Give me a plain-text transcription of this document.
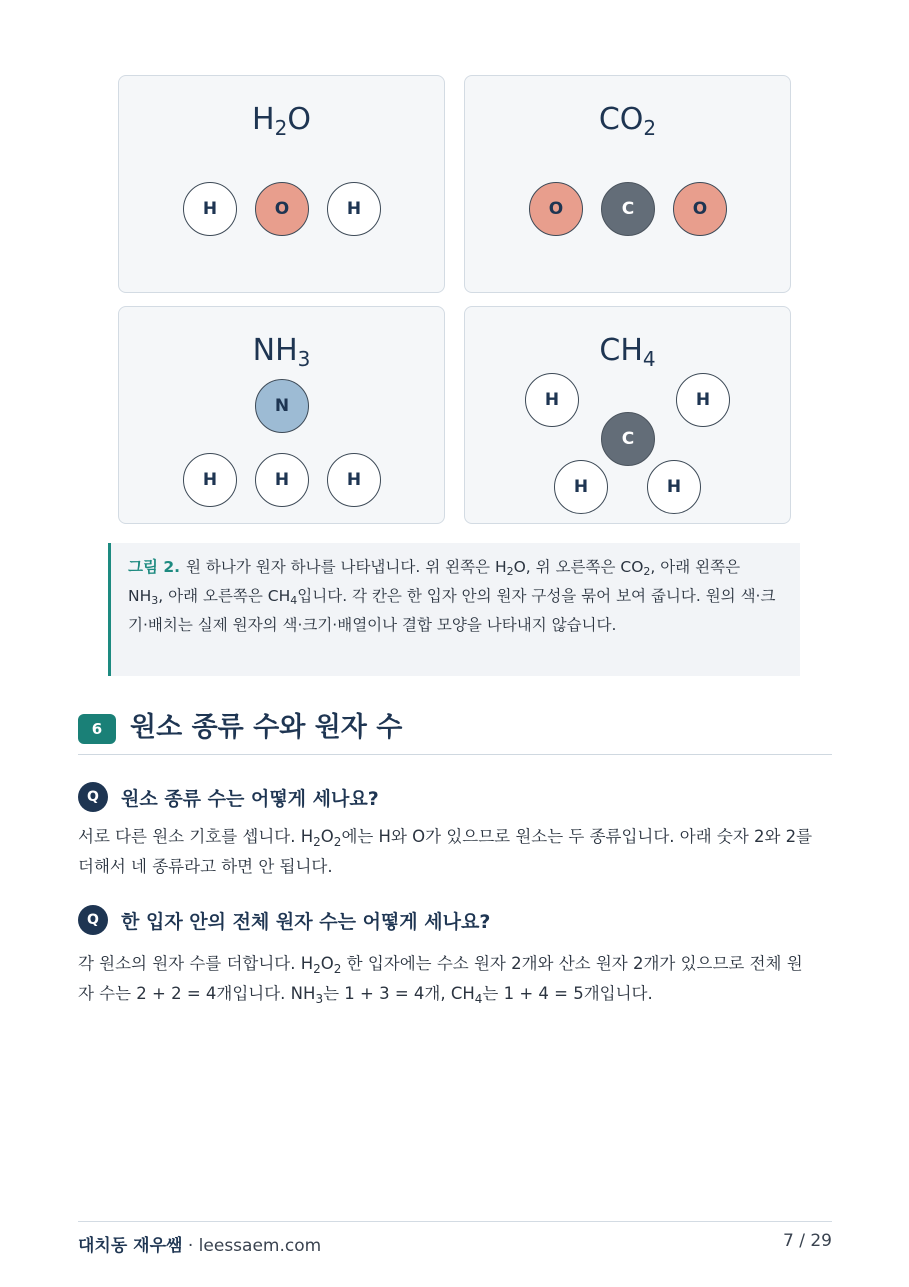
$H_2O$
H	O	H
$CO_2$
O	C	O
$NH_3$
N
H	H	H
$CH_4$
H	H
C
H	H
그림 2. 원 하나가 원자 하나를 나타냅니다. 위 왼쪽은 $H_2O$, 위 오른쪽은 $CO_2$, 아래 왼쪽은 $NH_3$, 아래 오른쪽은 $CH_4$입니다. 각 칸은 한 입자 안의 원자 구성을 묶어 보여 줍니다. 원의 색·크기·배치는 실제 원자의 색·크기·배열이나 결합 모양을 나타내지 않습니다.
6	원소 종류 수와 원자 수
Q	원소 종류 수는 어떻게 세나요?
서로 다른 원소 기호를 셉니다. $H_2O_2$에는 H와 O가 있으므로 원소는 두 종류입니다. 아래 숫자 2와 2를 더해서 네 종류라고 하면 안 됩니다.
Q	한 입자 안의 전체 원자 수는 어떻게 세나요?
각 원소의 원자 수를 더합니다. $H_2O_2$ 한 입자에는 수소 원자 2개와 산소 원자 2개가 있으므로 전체 원자 수는 2 + 2 = 4개입니다. $NH_3$는 1 + 3 = 4개, $CH_4$는 1 + 4 = 5개입니다.
대치동 재우쌤 · leessaem.com	7 / 29
